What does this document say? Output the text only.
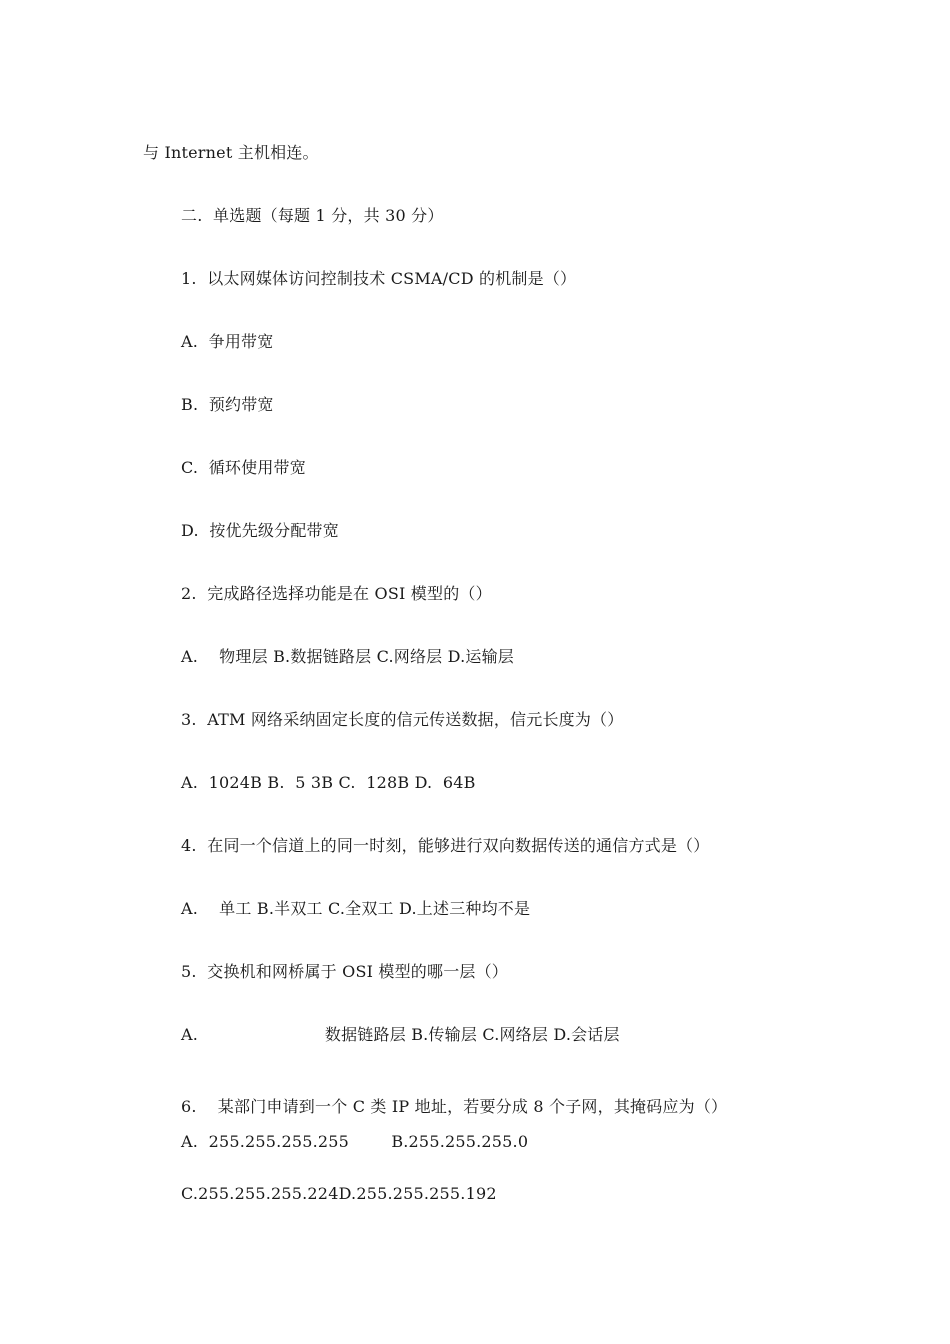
与 Internet 主机相连。
二.  单选题（每题 1 分，共 30 分）
1.  以太网媒体访问控制技术 CSMA/CD 的机制是（）
A.  争用带宽
B.  预约带宽
C.  循环使用带宽
D.  按优先级分配带宽
2.  完成路径选择功能是在 OSI 模型的（）
A.    物理层 B.数据链路层 C.网络层 D.运输层
3.  ATM 网络采纳固定长度的信元传送数据，信元长度为（）
A.  1024B B.  5 3B C.  128B D.  64B
4.  在同一个信道上的同一时刻，能够进行双向数据传送的通信方式是（）
A.    单工 B.半双工 C.全双工 D.上述三种均不是
5.  交换机和网桥属于 OSI 模型的哪一层（）
A.                        数据链路层 B.传输层 C.网络层 D.会话层
6.    某部门申请到一个 C 类 IP 地址，若要分成 8 个子网，其掩码应为（）
A.  255.255.255.255        B.255.255.255.0
C.255.255.255.224D.255.255.255.192
